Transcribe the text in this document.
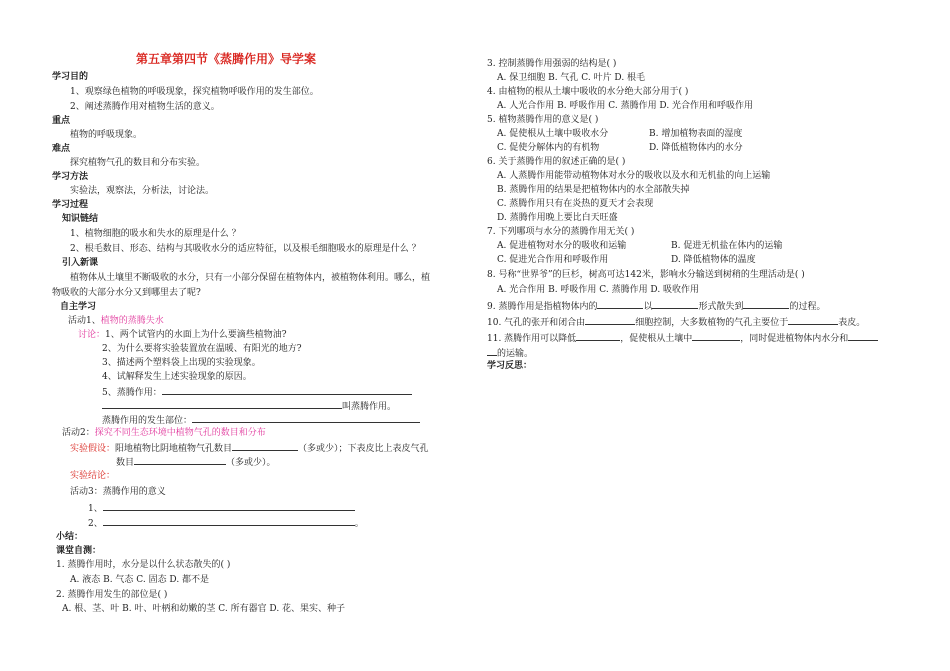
第五章第四节《蒸腾作用》导学案
学习目的
1、观察绿色植物的呼吸现象，探究植物呼吸作用的发生部位。
2、阐述蒸腾作用对植物生活的意义。
重点
植物的呼吸现象。
难点
探究植物气孔的数目和分布实验。
学习方法
实验法，观察法，分析法，讨论法。
学习过程
知识链结
1、植物细胞的吸水和失水的原理是什么 ？
2、根毛数目、形态、结构与其吸收水分的适应特征，以及根毛细胞吸水的原理是什么 ？
引入新课
植物体从土壤里不断吸收的水分，只有一小部分保留在植物体内，被植物体利用。哪么，植
物吸收的大部分水分又到哪里去了呢?
自主学习
活动1、植物的蒸腾失水
讨论：1、两个试管内的水面上为什么要滴些植物油?
2、为什么要将实验装置放在温暖、有阳光的地方?
3、描述两个塑料袋上出现的实验现象。
4、试解释发生上述实验现象的原因。
5、蒸腾作用：
叫蒸腾作用。
蒸腾作用的发生部位：
活动2：探究不同生态环境中植物气孔的数目和分布
实验假设：阳地植物比阴地植物气孔数目	（多或少）；下表皮比上表皮气孔
数目	（多或少）。
实验结论：
活动3：蒸腾作用的意义
1、
2、	。
小结：
课堂自测：
1. 蒸腾作用时，水分是以什么状态散失的( )
A. 液态 B. 气态 C. 固态 D. 都不是
2. 蒸腾作用发生的部位是( )
A. 根、茎、叶 B. 叶、叶柄和幼嫩的茎 C. 所有器官 D. 花、果实、种子
3. 控制蒸腾作用强弱的结构是( )
A. 保卫细胞 B. 气孔 C. 叶片 D. 根毛
4. 由植物的根从土壤中吸收的水分绝大部分用于( )
A. 人光合作用 B. 呼吸作用 C. 蒸腾作用 D. 光合作用和呼吸作用
5. 植物蒸腾作用的意义是( )
A. 促使根从土壤中吸收水分	B. 增加植物表面的湿度
C. 促使分解体内的有机物	D. 降低植物体内的水分
6. 关于蒸腾作用的叙述正确的是( )
A. 人蒸腾作用能带动植物体对水分的吸收以及水和无机盐的向上运输
B. 蒸腾作用的结果是把植物体内的水全部散失掉
C. 蒸腾作用只有在炎热的夏天才会表现
D. 蒸腾作用晚上要比白天旺盛
7. 下列哪项与水分的蒸腾作用无关( )
A. 促进植物对水分的吸收和运输	B. 促进无机盐在体内的运输
C. 促进光合作用和呼吸作用	D. 降低植物体的温度
8. 号称“世界爷”的巨杉，树高可达142米，影响水分输送到树稍的生理活动是( )
A. 光合作用 B. 呼吸作用 C. 蒸腾作用 D. 吸收作用
9. 蒸腾作用是指植物体内的	以	形式散失到	的过程。
10. 气孔的张开和闭合由	细胞控制，大多数植物的气孔主要位于	表皮。
11. 蒸腾作用可以降低	，促使根从土壤中	，同时促进植物体内水分和
的运输。
学习反思：
